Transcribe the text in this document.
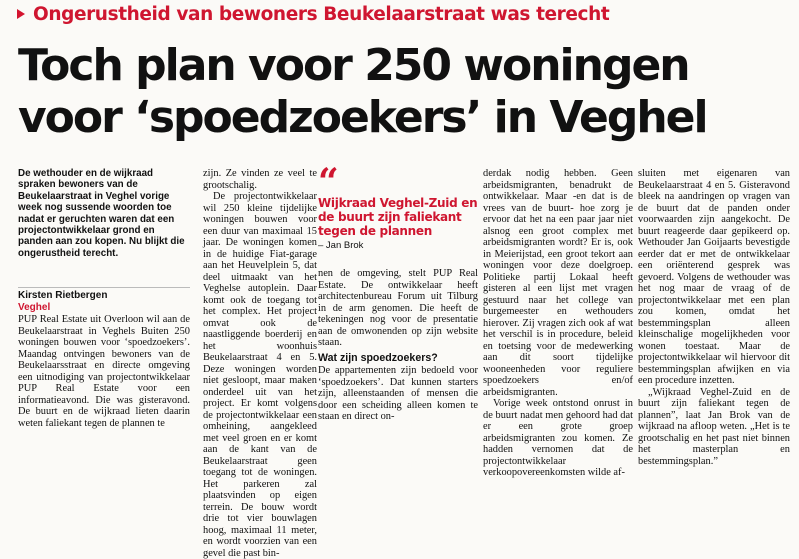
Ongerustheid van bewoners Beukelaarstraat was terecht
Toch plan voor 250 woningen
voor ‘spoedzoekers’ in Veghel
De wethouder en de wijkraad spraken bewoners van de Beukelaarstraat in Veghel vorige week nog sussende woorden toe nadat er geruchten waren dat een projectontwikkelaar grond en panden aan zou kopen. Nu blijkt die ongerustheid terecht.
Kirsten Rietbergen
Veghel

PUP Real Estate uit Overloon wil aan de Beukelaarstraat in Veghels Buiten 250 woningen bouwen voor ‘spoedzoekers’. Maandag ontvingen bewoners van de Beukelaarsstraat en directe omgeving een uitnodiging van projectontwikkelaar PUP Real Estate voor een informatieavond. Die was gisteravond. De buurt en de wijkraad lieten daarin weten faliekant tegen de plannen te

zijn. Ze vinden ze veel te grootschalig.

De projectontwikkelaar wil 250 kleine tijdelijke woningen bouwen voor een duur van maximaal 15 jaar. De woningen komen in de huidige Fiat-garage aan het Heuvelplein 5, dat deel uitmaakt van het Veghelse autoplein. Daar komt ook de toegang tot het complex. Het project omvat ook de naastliggende boerderij en het woonhuis Beukelaarstraat 4 en 5. Deze woningen worden niet gesloopt, maar maken onderdeel uit van het project. Er komt volgens de projectontwikkelaar een omheining, aangekleed met veel groen en er komt aan de kant van de Beukelaarstraat geen toegang tot de woningen. Het parkeren zal plaatsvinden op eigen terrein. De bouw wordt drie tot vier bouwlagen hoog, maximaal 11 meter, en wordt voorzien van een gevel die past bin-

“
Wijkraad Veghel-Zuid en de buurt zijn faliekant tegen de plannen
– Jan Brok

nen de omgeving, stelt PUP Real Estate. De ontwikkelaar heeft architectenbureau Forum uit Tilburg in de arm genomen. Die heeft de tekeningen nog voor de presentatie aan de omwonenden op zijn website staan.

Wat zijn spoedzoekers?

De appartementen zijn bedoeld voor ‘spoedzoekers’. Dat kunnen starters zijn, alleenstaanden of mensen die door een scheiding alleen komen te staan en direct on-

derdak nodig hebben. Geen arbeidsmigranten, benadrukt de ontwikkelaar. Maar -en dat is de vrees van de buurt- hoe zorg je ervoor dat het na een paar jaar niet alsnog een groot complex met arbeidsmigranten wordt? Er is, ook in Meierijstad, een groot tekort aan woningen voor deze doelgroep. Politieke partij Lokaal heeft gisteren al een lijst met vragen gestuurd naar het college van burgemeester en wethouders hierover. Zij vragen zich ook af wat het verschil is in procedure, beleid en toetsing voor de medewerking aan dit soort tijdelijke wooneenheden voor reguliere spoedzoekers en/of arbeidsmigranten.

Vorige week ontstond onrust in de buurt nadat men gehoord had dat er een grote groep arbeidsmigranten zou komen. Ze hadden vernomen dat de projectontwikkelaar verkoopovereenkomsten wilde af-

sluiten met eigenaren van Beukelaarstraat 4 en 5. Gisteravond bleek na aandringen op vragen van de buurt dat de panden onder voorwaarden zijn aangekocht. De buurt reageerde daar gepikeerd op. Wethouder Jan Goijaarts bevestigde eerder dat er met de ontwikkelaar een oriënterend gesprek was gevoerd. Volgens de wethouder was het nog maar de vraag of de projectontwikkelaar met een plan zou komen, omdat het bestemmingsplan alleen kleinschalige mogelijkheden voor wonen toestaat. Maar de projectontwikkelaar wil hiervoor dit bestemmingsplan afwijken en via een procedure inzetten.

„Wijkraad Veghel-Zuid en de buurt zijn faliekant tegen de plannen”, laat Jan Brok van de wijkraad na afloop weten. „Het is te grootschalig en het past niet binnen het masterplan en bestemmingsplan.”
